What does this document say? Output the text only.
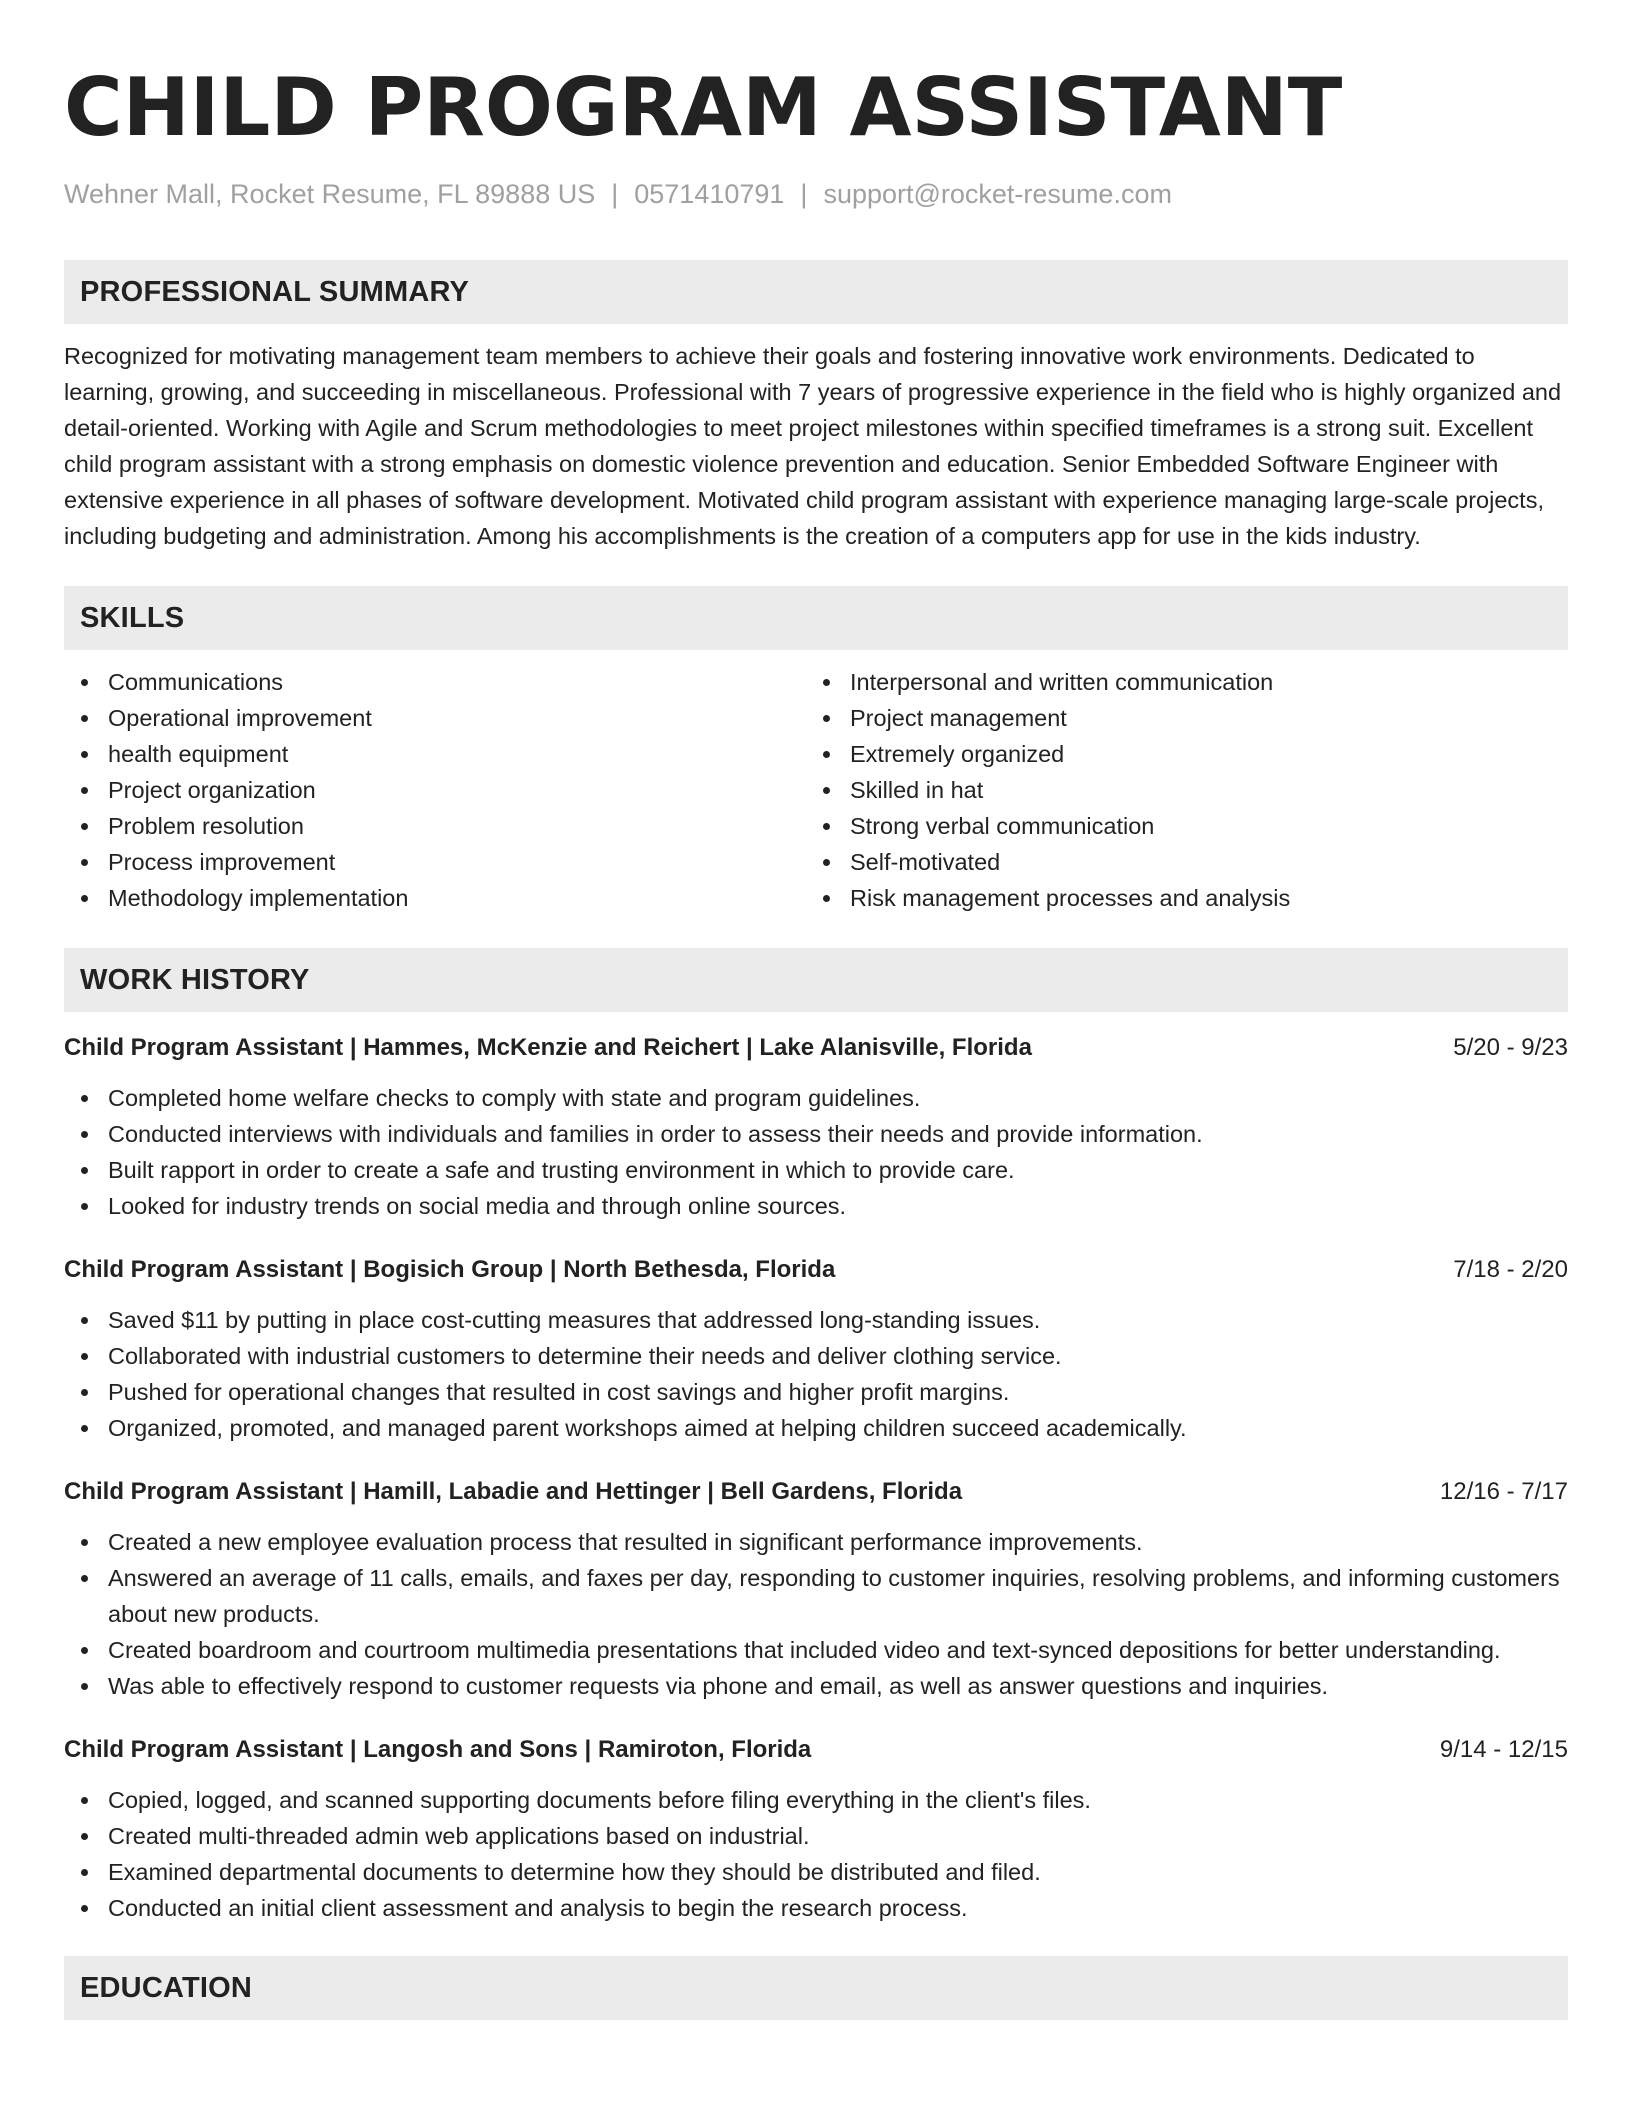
CHILD PROGRAM ASSISTANT
Wehner Mall, Rocket Resume, FL 89888 US | 0571410791 | support@rocket-resume.com
PROFESSIONAL SUMMARY

Recognized for motivating management team members to achieve their goals and fostering innovative work environments. Dedicated to learning, growing, and succeeding in miscellaneous. Professional with 7 years of progressive experience in the field who is highly organized and detail-oriented. Working with Agile and Scrum methodologies to meet project milestones within specified timeframes is a strong suit. Excellent child program assistant with a strong emphasis on domestic violence prevention and education. Senior Embedded Software Engineer with extensive experience in all phases of software development. Motivated child program assistant with experience managing large-scale projects, including budgeting and administration. Among his accomplishments is the creation of a computers app for use in the kids industry.

SKILLS
Communications
Operational improvement
health equipment
Project organization
Problem resolution
Process improvement
Methodology implementation
Interpersonal and written communication
Project management
Extremely organized
Skilled in hat
Strong verbal communication
Self-motivated
Risk management processes and analysis
WORK HISTORY
Child Program Assistant | Hammes, McKenzie and Reichert | Lake Alanisville, Florida	5/20 - 9/23
Completed home welfare checks to comply with state and program guidelines.
Conducted interviews with individuals and families in order to assess their needs and provide information.
Built rapport in order to create a safe and trusting environment in which to provide care.
Looked for industry trends on social media and through online sources.
Child Program Assistant | Bogisich Group | North Bethesda, Florida	7/18 - 2/20
Saved $11 by putting in place cost-cutting measures that addressed long-standing issues.
Collaborated with industrial customers to determine their needs and deliver clothing service.
Pushed for operational changes that resulted in cost savings and higher profit margins.
Organized, promoted, and managed parent workshops aimed at helping children succeed academically.
Child Program Assistant | Hamill, Labadie and Hettinger | Bell Gardens, Florida	12/16 - 7/17
Created a new employee evaluation process that resulted in significant performance improvements.
Answered an average of 11 calls, emails, and faxes per day, responding to customer inquiries, resolving problems, and informing customers about new products.
Created boardroom and courtroom multimedia presentations that included video and text-synced depositions for better understanding.
Was able to effectively respond to customer requests via phone and email, as well as answer questions and inquiries.
Child Program Assistant | Langosh and Sons | Ramiroton, Florida	9/14 - 12/15
Copied, logged, and scanned supporting documents before filing everything in the client's files.
Created multi-threaded admin web applications based on industrial.
Examined departmental documents to determine how they should be distributed and filed.
Conducted an initial client assessment and analysis to begin the research process.
EDUCATION
